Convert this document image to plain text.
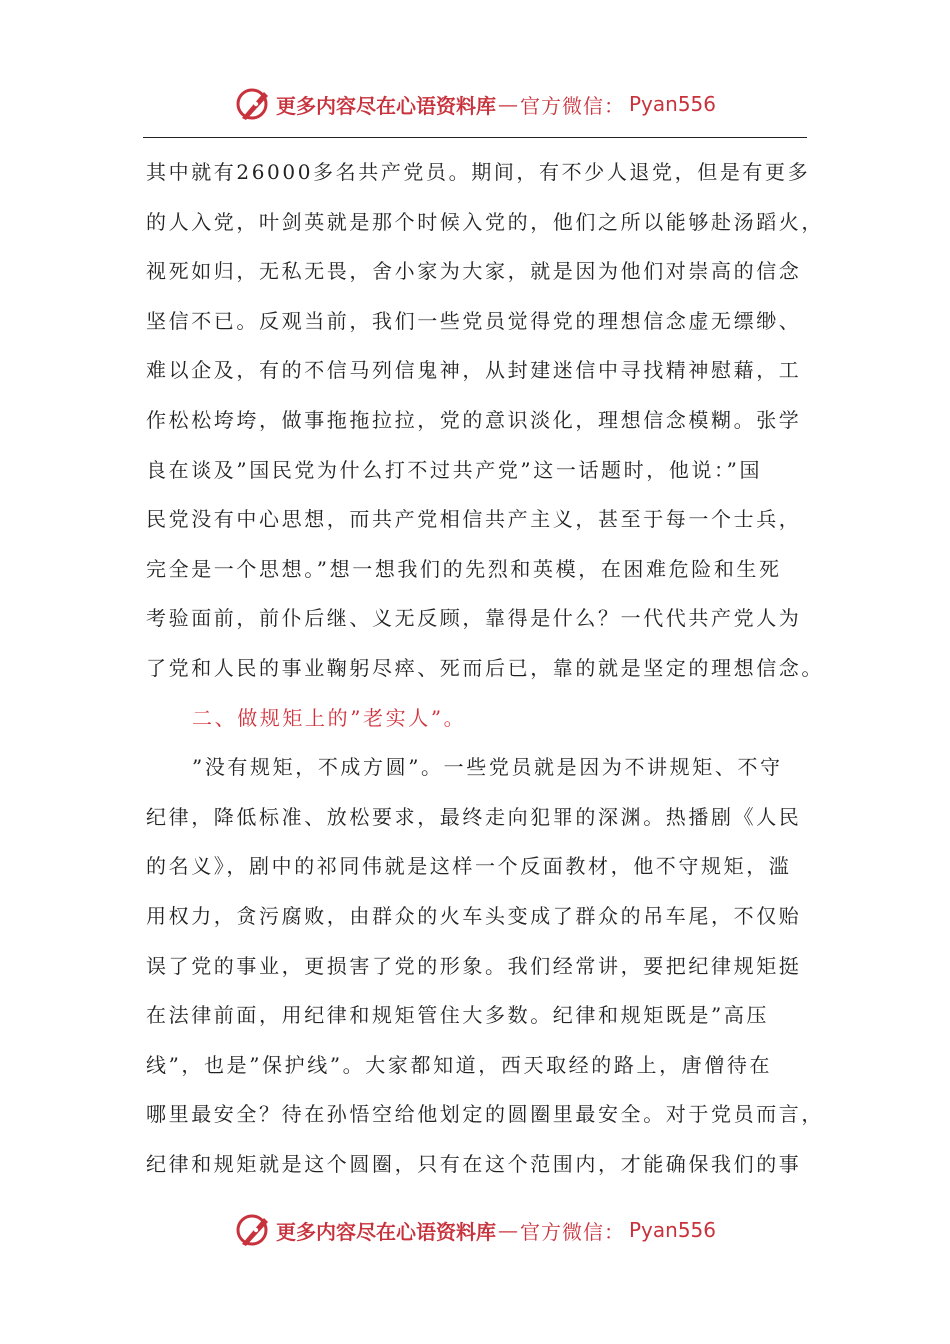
更多内容尽在心语资料库 — 官方微信： Pyan556
其中就有26000多名共产党员。期间，有不少人退党，但是有更多
的人入党，叶剑英就是那个时候入党的，他们之所以能够赴汤蹈火，
视死如归，无私无畏，舍小家为大家，就是因为他们对崇高的信念
坚信不已。反观当前，我们一些党员觉得党的理想信念虚无缥缈、
难以企及，有的不信马列信鬼神，从封建迷信中寻找精神慰藉，工
作松松垮垮，做事拖拖拉拉，党的意识淡化，理想信念模糊。张学
良在谈及”国民党为什么打不过共产党”这一话题时，他说：”国
民党没有中心思想，而共产党相信共产主义，甚至于每一个士兵，
完全是一个思想。”想一想我们的先烈和英模，在困难危险和生死
考验面前，前仆后继、义无反顾，靠得是什么？一代代共产党人为
了党和人民的事业鞠躬尽瘁、死而后已，靠的就是坚定的理想信念。
二、做规矩上的”老实人”。
”没有规矩，不成方圆”。一些党员就是因为不讲规矩、不守
纪律，降低标准、放松要求，最终走向犯罪的深渊。热播剧《人民
的名义》，剧中的祁同伟就是这样一个反面教材，他不守规矩，滥
用权力，贪污腐败，由群众的火车头变成了群众的吊车尾，不仅贻
误了党的事业，更损害了党的形象。我们经常讲，要把纪律规矩挺
在法律前面，用纪律和规矩管住大多数。纪律和规矩既是”高压
线”，也是”保护线”。大家都知道，西天取经的路上，唐僧待在
哪里最安全？待在孙悟空给他划定的圆圈里最安全。对于党员而言，
纪律和规矩就是这个圆圈，只有在这个范围内，才能确保我们的事
更多内容尽在心语资料库 — 官方微信： Pyan556
